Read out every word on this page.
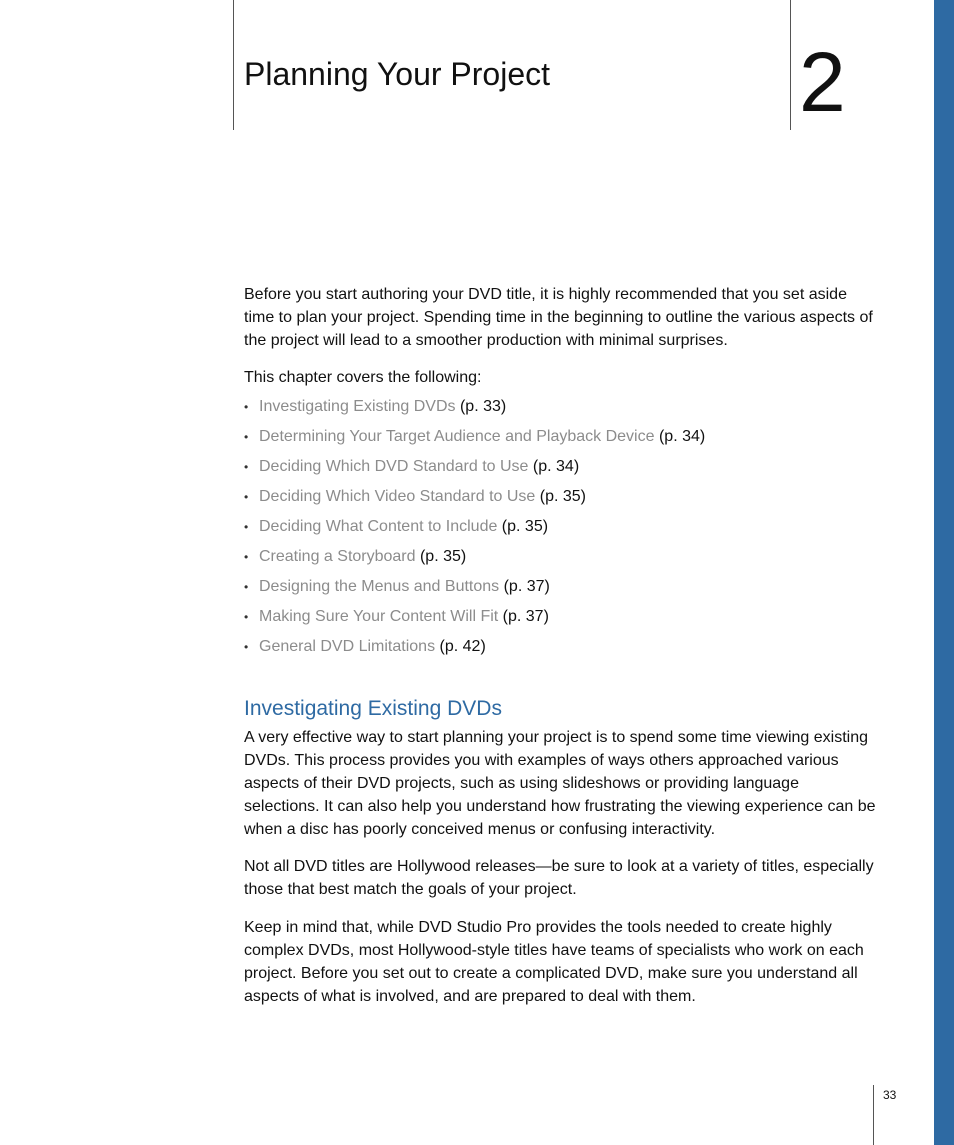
Planning Your Project	2

Before you start authoring your DVD title, it is highly recommended that you set aside time to plan your project. Spending time in the beginning to outline the various aspects of the project will lead to a smoother production with minimal surprises.

This chapter covers the following:
• Investigating Existing DVDs (p. 33)
• Determining Your Target Audience and Playback Device (p. 34)
• Deciding Which DVD Standard to Use (p. 34)
• Deciding Which Video Standard to Use (p. 35)
• Deciding What Content to Include (p. 35)
• Creating a Storyboard (p. 35)
• Designing the Menus and Buttons (p. 37)
• Making Sure Your Content Will Fit (p. 37)
• General DVD Limitations (p. 42)
Investigating Existing DVDs

A very effective way to start planning your project is to spend some time viewing existing DVDs. This process provides you with examples of ways others approached various aspects of their DVD projects, such as using slideshows or providing language selections. It can also help you understand how frustrating the viewing experience can be when a disc has poorly conceived menus or confusing interactivity.

Not all DVD titles are Hollywood releases—be sure to look at a variety of titles, especially those that best match the goals of your project.

Keep in mind that, while DVD Studio Pro provides the tools needed to create highly complex DVDs, most Hollywood-style titles have teams of specialists who work on each project. Before you set out to create a complicated DVD, make sure you understand all aspects of what is involved, and are prepared to deal with them.

33
